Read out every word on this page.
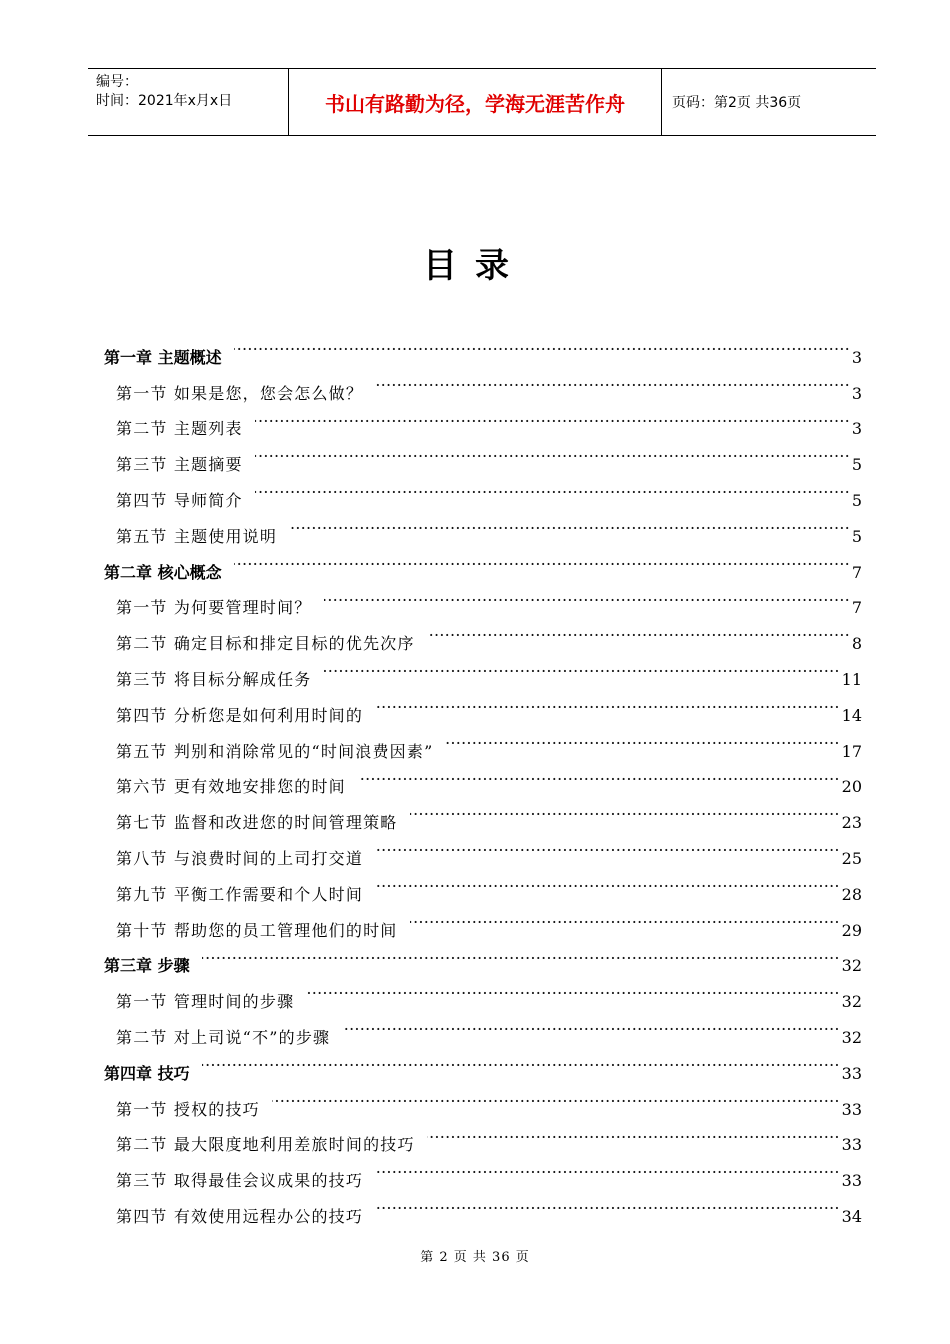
编号：
时间：2021年x月x日	书山有路勤为径，学海无涯苦作舟	页码：第2页 共36页
目录
第一章 主题概述 ……………………………………………………………………………………………………………………………………………………………………………………………………	3
第一节 如果是您，您会怎么做？ ……………………………………………………………………………………………………………………………………………………………………………………………………	3
第二节 主题列表 ……………………………………………………………………………………………………………………………………………………………………………………………………	3
第三节 主题摘要 ……………………………………………………………………………………………………………………………………………………………………………………………………	5
第四节 导师简介 ……………………………………………………………………………………………………………………………………………………………………………………………………	5
第五节 主题使用说明 ……………………………………………………………………………………………………………………………………………………………………………………………………	5
第二章 核心概念 ……………………………………………………………………………………………………………………………………………………………………………………………………	7
第一节 为何要管理时间？ ……………………………………………………………………………………………………………………………………………………………………………………………………	7
第二节 确定目标和排定目标的优先次序 ……………………………………………………………………………………………………………………………………………………………………………………………………	8
第三节 将目标分解成任务 ……………………………………………………………………………………………………………………………………………………………………………………………………	11
第四节 分析您是如何利用时间的 ……………………………………………………………………………………………………………………………………………………………………………………………………	14
第五节 判别和消除常见的“时间浪费因素” ……………………………………………………………………………………………………………………………………………………………………………………………………	17
第六节 更有效地安排您的时间 ……………………………………………………………………………………………………………………………………………………………………………………………………	20
第七节 监督和改进您的时间管理策略 ……………………………………………………………………………………………………………………………………………………………………………………………………	23
第八节 与浪费时间的上司打交道 ……………………………………………………………………………………………………………………………………………………………………………………………………	25
第九节 平衡工作需要和个人时间 ……………………………………………………………………………………………………………………………………………………………………………………………………	28
第十节 帮助您的员工管理他们的时间 ……………………………………………………………………………………………………………………………………………………………………………………………………	29
第三章 步骤 ……………………………………………………………………………………………………………………………………………………………………………………………………	32
第一节 管理时间的步骤 ……………………………………………………………………………………………………………………………………………………………………………………………………	32
第二节 对上司说“不”的步骤 ……………………………………………………………………………………………………………………………………………………………………………………………………	32
第四章 技巧 ……………………………………………………………………………………………………………………………………………………………………………………………………	33
第一节 授权的技巧 ……………………………………………………………………………………………………………………………………………………………………………………………………	33
第二节 最大限度地利用差旅时间的技巧 ……………………………………………………………………………………………………………………………………………………………………………………………………	33
第三节 取得最佳会议成果的技巧 ……………………………………………………………………………………………………………………………………………………………………………………………………	33
第四节 有效使用远程办公的技巧 ……………………………………………………………………………………………………………………………………………………………………………………………………	34
第 2 页 共 36 页
